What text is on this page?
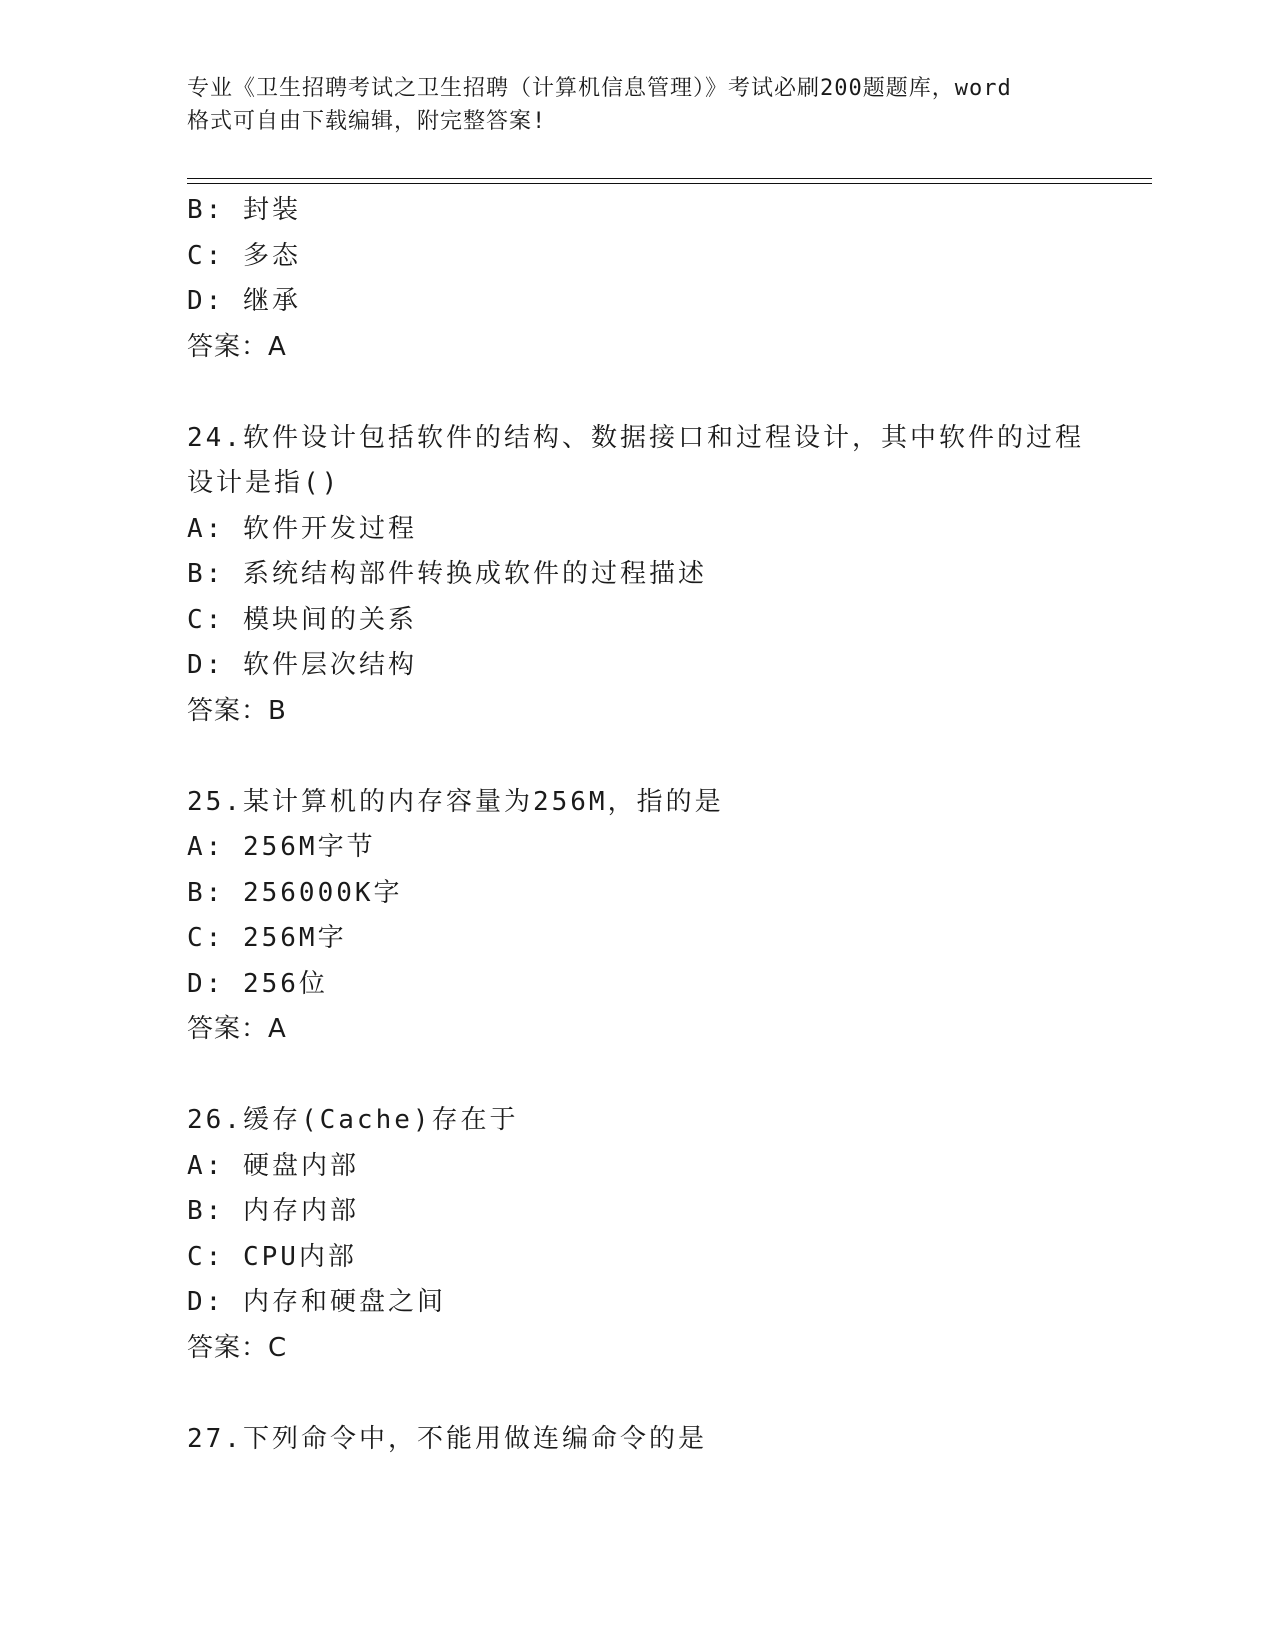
专业《卫生招聘考试之卫生招聘（计算机信息管理）》考试必刷200题题库，word
格式可自由下载编辑，附完整答案!
B: 封装
C: 多态
D: 继承
答案：A
24.软件设计包括软件的结构、数据接口和过程设计，其中软件的过程
设计是指()
A: 软件开发过程
B: 系统结构部件转换成软件的过程描述
C: 模块间的关系
D: 软件层次结构
答案：B
25.某计算机的内存容量为256M，指的是
A: 256M字节
B: 256000K字
C: 256M字
D: 256位
答案：A
26.缓存(Cache)存在于
A: 硬盘内部
B: 内存内部
C: CPU内部
D: 内存和硬盘之间
答案：C
27.下列命令中，不能用做连编命令的是
